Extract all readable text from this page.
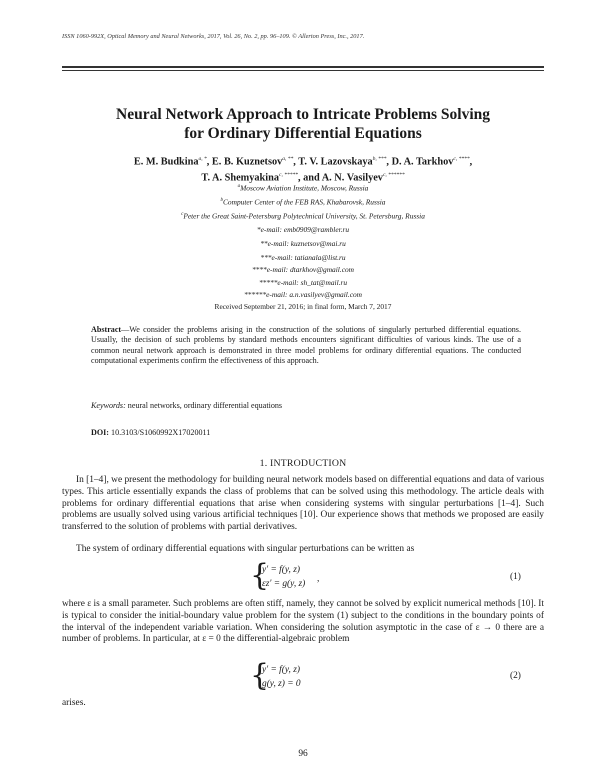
ISSN 1060-992X, Optical Memory and Neural Networks, 2017, Vol. 26, No. 2, pp. 96–109. © Allerton Press, Inc., 2017.
Neural Network Approach to Intricate Problems Solving
for Ordinary Differential Equations
E. M. Budkina$^{a, *}$, E. B. Kuznetsov$^{a, **}$, T. V. Lazovskaya$^{b, ***}$, D. A. Tarkhov$^{c, ****}$,
T. A. Shemyakina$^{c, *****}$, and A. N. Vasilyev$^{c, ******}$
$^a$Moscow Aviation Institute, Moscow, Russia
$^b$Computer Center of the FEB RAS, Khabarovsk, Russia
$^c$Peter the Great Saint-Petersburg Polytechnical University, St. Petersburg, Russia
*e-mail: emb0909@rambler.ru
**e-mail: kuznetsov@mai.ru
***e-mail: tatianala@list.ru
****e-mail: dtarkhov@gmail.com
*****e-mail: sh_tat@mail.ru
******e-mail: a.n.vasilyev@gmail.com
Received September 21, 2016; in final form, March 7, 2017
Abstract—We consider the problems arising in the construction of the solutions of singularly perturbed differential equations. Usually, the decision of such problems by standard methods encounters significant difficulties of various kinds. The use of a common neural network approach is demonstrated in three model problems for ordinary differential equations. The conducted computational experiments confirm the effectiveness of this approach.
Keywords: neural networks, ordinary differential equations
DOI: 10.3103/S1060992X17020011
1. INTRODUCTION
In [1–4], we present the methodology for building neural network models based on differential equations and data of various types. This article essentially expands the class of problems that can be solved using this methodology. The article deals with problems for ordinary differential equations that arise when considering systems with singular perturbations [1–4]. Such problems are usually solved using various artificial techniques [10]. Our experience shows that methods we proposed are easily transferred to the solution of problems with partial derivatives.
The system of ordinary differential equations with singular perturbations can be written as
{
y' = f(y, z)
εz' = g(y, z) ,	(1)
where ε is a small parameter. Such problems are often stiff, namely, they cannot be solved by explicit numerical methods [10]. It is typical to consider the initial-boundary value problem for the system (1) subject to the conditions in the boundary points of the interval of the independent variable variation. When considering the solution asymptotic in the case of ε → 0 there are a number of problems. In particular, at ε = 0 the differential-algebraic problem
{
y' = f(y, z)
g(y, z) = 0
(2)
arises.
96
